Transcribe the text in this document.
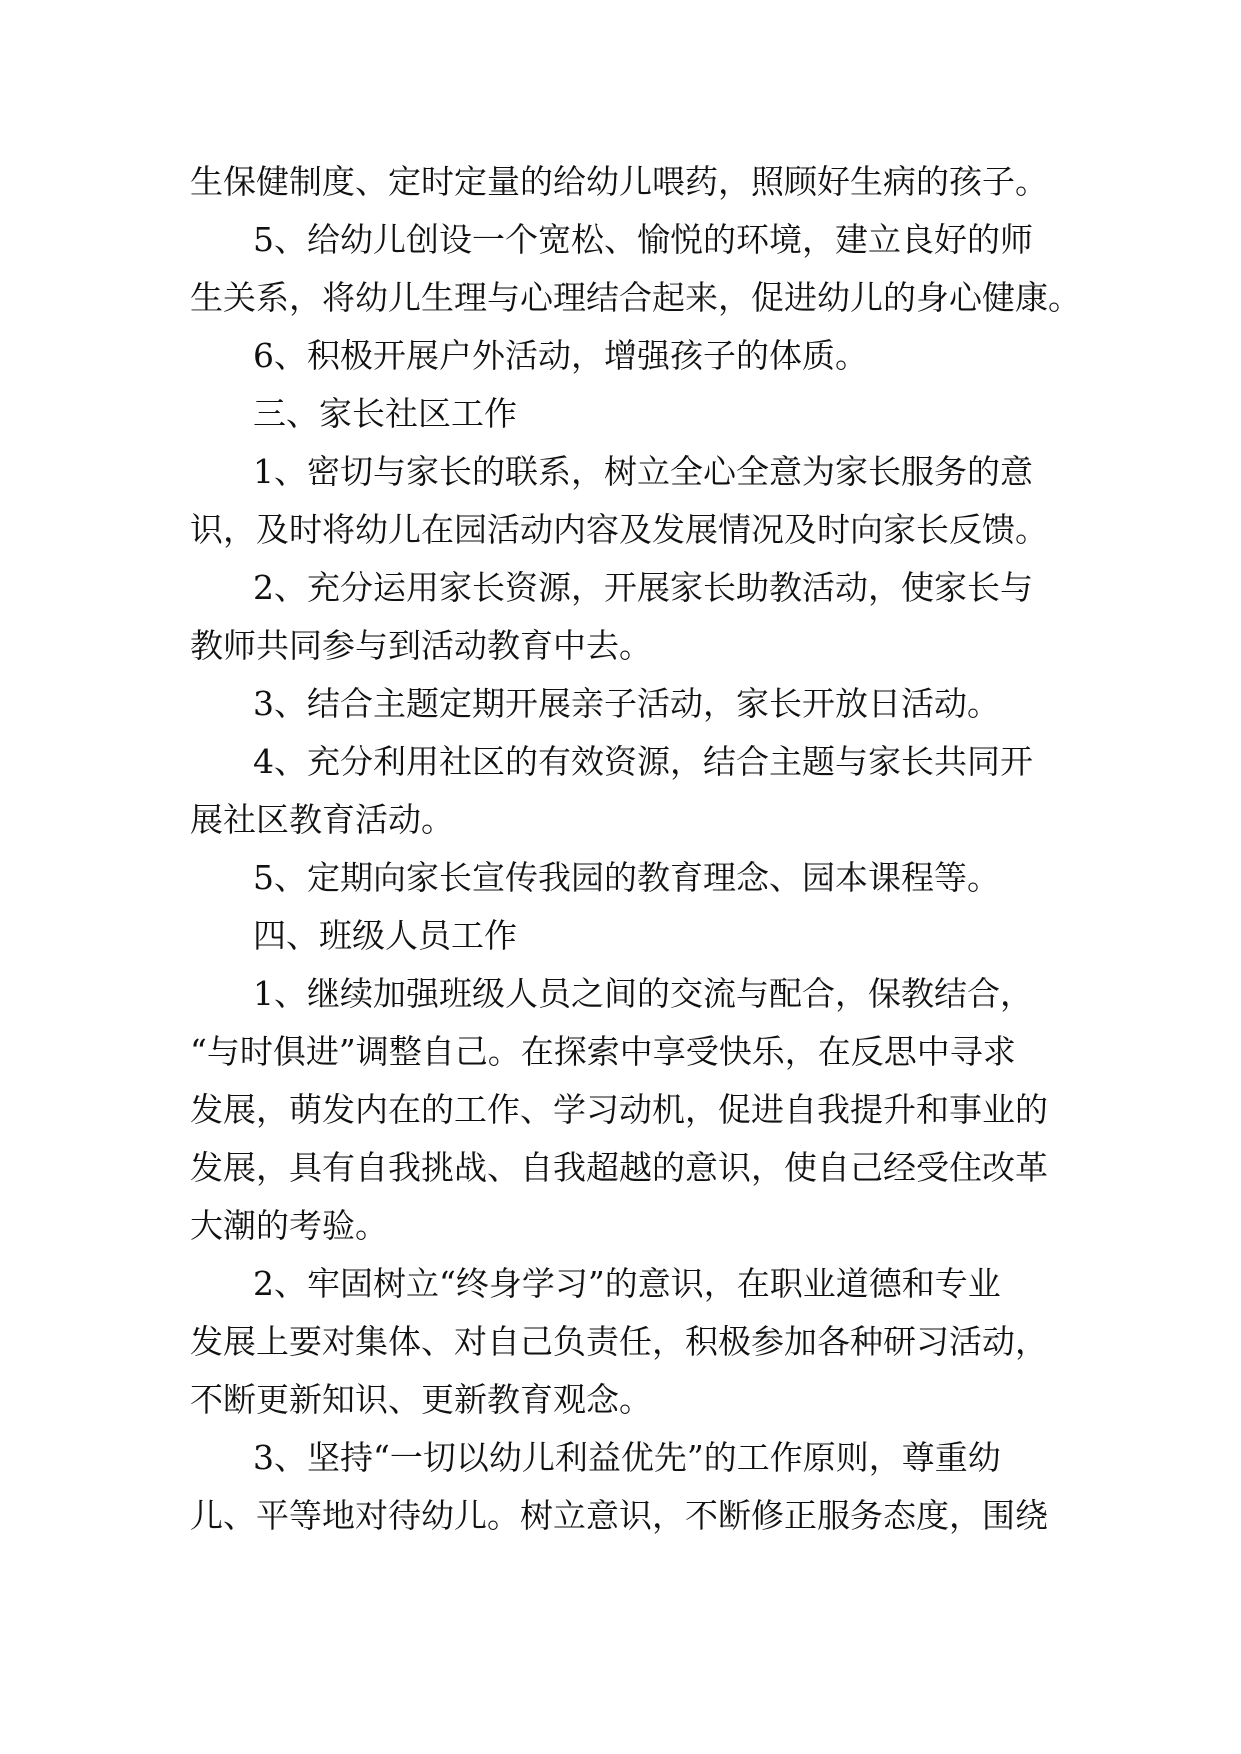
生保健制度、定时定量的给幼儿喂药，照顾好生病的孩子。
5、给幼儿创设一个宽松、愉悦的环境，建立良好的师
生关系，将幼儿生理与心理结合起来，促进幼儿的身心健康。
6、积极开展户外活动，增强孩子的体质。
三、家长社区工作
1、密切与家长的联系，树立全心全意为家长服务的意
识，及时将幼儿在园活动内容及发展情况及时向家长反馈。
2、充分运用家长资源，开展家长助教活动，使家长与
教师共同参与到活动教育中去。
3、结合主题定期开展亲子活动，家长开放日活动。
4、充分利用社区的有效资源，结合主题与家长共同开
展社区教育活动。
5、定期向家长宣传我园的教育理念、园本课程等。
四、班级人员工作
1、继续加强班级人员之间的交流与配合，保教结合，
“与时俱进”调整自己。在探索中享受快乐，在反思中寻求
发展，萌发内在的工作、学习动机，促进自我提升和事业的
发展，具有自我挑战、自我超越的意识，使自己经受住改革
大潮的考验。
2、牢固树立“终身学习”的意识，在职业道德和专业
发展上要对集体、对自己负责任，积极参加各种研习活动，
不断更新知识、更新教育观念。
3、坚持“一切以幼儿利益优先”的工作原则，尊重幼
儿、平等地对待幼儿。树立意识，不断修正服务态度，围绕
